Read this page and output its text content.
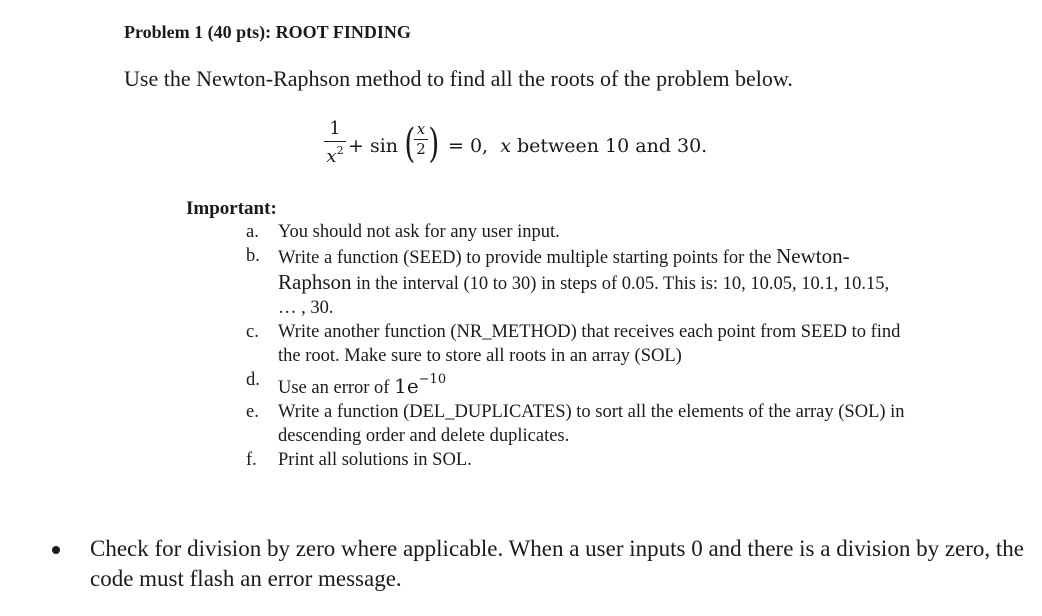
Problem 1 (40 pts): ROOT FINDING
Use the Newton-Raphson method to find all the roots of the problem below.
1
$x^2 + \sin$ ( x
2 ) = 0, x between 10 and 30.
Important:
a. You should not ask for any user input.
b. Write a function (SEED) to provide multiple starting points for the Newton-
Raphson in the interval (10 to 30) in steps of 0.05. This is: 10, 10.05, 10.1, 10.15, … , 30.
c. Write another function (NR_METHOD) that receives each point from SEED to find the root. Make sure to store all roots in an array (SOL)
d. Use an error of $1e^{-10}$
e. Write a function (DEL_DUPLICATES) to sort all the elements of the array (SOL) in descending order and delete duplicates.
f. Print all solutions in SOL.
Check for division by zero where applicable. When a user inputs 0 and there is a division by zero, the code must flash an error message.
